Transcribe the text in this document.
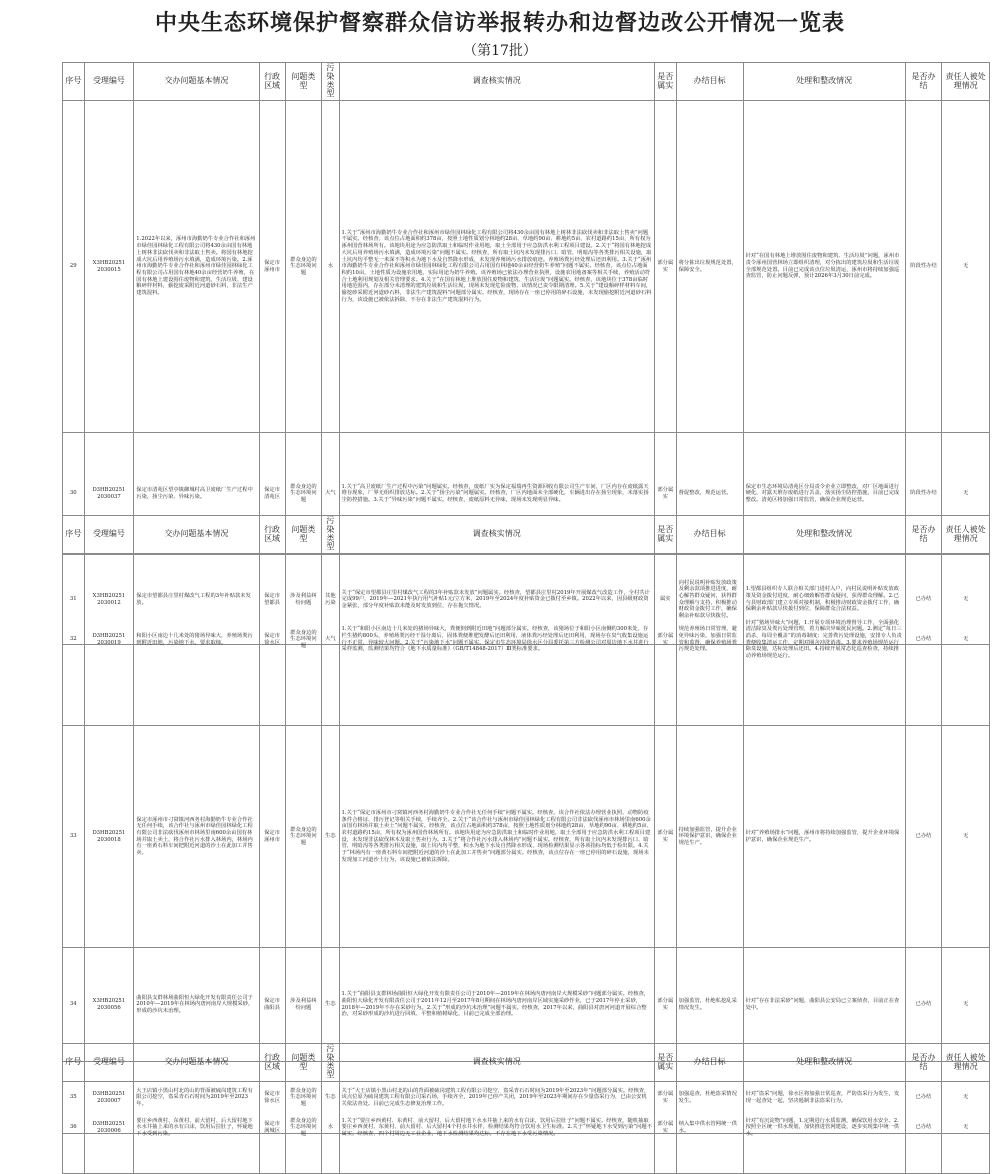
中央生态环境保护督察群众信访举报转办和边督边改公开情况一览表
（第17批）
序号	受理编号	交办问题基本情况	行政区域	问题类型	污染类型	调查核实情况	是否属实	办结目标	处理和整改情况	是否办结	责任人被处理情况
29	X3HB20251 2030015	1.2022年以来，涿州市海勤奶牛专业合作社和涿州市绿佳园林绿化工程有限公司将430余亩国有林地上树林非法砍伐卖和非法取土售卖。将国有林地挖成大坑后用养殖场污水填满，造成环境污染。2.涿州市海勤奶牛专业合作社和涿州市绿佳园林绿化工程有限公司占用国有林地40余亩经营奶牛养殖，在国有林地上建设围住废物和建筑，生活垃圾、建设粮碎样材料，偷挖废采附近河道砂石料，非法生产建筑混料。	保定市涿州市	群众身边的生态环境问题	水	1.关于“涿州市海勤奶牛专业合作社和涿州市绿佳园林绿化工程有限公司将430余亩国有林地上树林非法砍伐卖和非法取土售卖”问题不属实。经核查，该点位占地面积约378亩，按照土地性质划分林地约28亩、草地约90亩、耕地约5亩、农村道路约15亩，所有权为涿州国营林场所有。该地块用途为应急防洪取土和临时作业用地，取土全部用于应急防洪水利工程项目建设。2.关于“将国有林地挖成大坑后用养殖场污水填满，造成环境污染”问题不属实。经核查，所有取土坑内未发现排污口、暗管，明暗沟等各类排污相关设施，取土坑内均平整无一米深不等积水为地下水及自然降水形成，未发现养殖场污水排放痕迹。养殖场粪污经处理后还田利用。3.关于“涿州市海勤奶牛专业合作社和涿州市绿佳园林绿化工程有限公司占用国有林地40余亩经营奶牛养殖”问题不属实。经核查，该点位占地面积约10亩，土地性质为设施农用地，实际用途为奶牛养殖。该养殖场已依法办理营业执照，设施农用地备案等相关手续，养殖活动符合土地利用规划及相关管理要求。4.关于“在国有林地上堆放围住废物和建筑、生活垃圾”问题属实。经核查，该地块位于378亩临时用地范围内，存在部分未清理的建筑垃圾和生活垃圾，现场未发现危险废物，该情况已责令限期清理。5.关于“建设粮碎样材料车间，偷挖砂采附近河道砂石料，非法生产建筑混料”问题部分属实。经核查，现场存在一座已停用的碎石设施，未发现偷挖附近河道砂石料行为，该设施已被依法拆除，不存在非法生产建筑混料行为。	部分属实	将分拣出垃圾规范处置，保障安全。	针对“在国有林地上堆放围住废物和建筑、生活垃圾”问题，涿州市责令涿州国营林场立即组织清理，对分拣出的建筑垃圾和生活垃圾全部规范处置。目前已完成该点位垃圾清运，涿州市将持续加强巡查监管，防止问题反弹，预计2026年3月30日前完成。	阶段性办结	无
30	D3HB20251 2030037	保定市清苑区望亭镇御城村高卫废纸厂生产过程中污染，扬尘污染、异味污染。	保定市清苑区	群众身边的生态环境问题	大气	1.关于“高卫废纸厂生产过程中污染”问题属实。经核查，废纸厂实为保定福瑞再生资源回收有限公司生产车间，厂区内存在废纸露天堆存现象，厂界无组织排放达标。2.关于“扬尘污染”问题属实。经核查，厂区内地面未全部硬化，车辆进出存在扬尘现象，未落实扬尘防控措施。3.关于“异味污染”问题不属实。经核查，废纸原料无异味，现场未发现明显异味。	部分属实	督促整改，规范运营。	保定市生态环境局清苑区分局责令企业立即整改，对厂区地面进行硬化，对露天堆存废纸进行苫盖，落实扬尘防控措施，目前已完成整改。清苑区将加强日常监管，确保企业规范运营。	阶段性办结	无
31	X3HB20251 2030012	保定市望都县庄里村煤改气工程的3年补贴款未发放。	保定市望都县	涉及利益纠纷问题	其他污染	关于“保定市望都县庄里村煤改气工程的3年补贴款未发放”问题属实。经核查，望都县庄里村2019年开展煤改气改造工作，全村共计完成99户，2019年—2021年执行用气补贴1元/立方米，2019年至2024年度补贴资金已拨付至乡镇。2022年以来，因县级财政资金紧张，部分年度补贴款未能及时发放到位，存在拖欠情况。	属实	向村民说明补贴发放政策及剩余款项推进进度，耐心解答群众疑问，获得群众理解与支持，积极推动财政资金拨付工作，确保剩余补贴款尽快拨付。	1.望都县组织专人联合相关部门进村入户，向村民说明补贴发放政策及资金拨付进度，耐心细致解答群众疑问，获得群众理解。2.已与县财政部门建立专项对接机制，积极推动财政资金拨付工作，确保剩余补贴款尽快拨付到位，保障群众合法权益。	已办结	无
序号	受理编号	交办问题基本情况	行政区域	问题类型	污染类型	调查核实情况	是否属实	办结目标	处理和整改情况	是否办结	责任人被处理情况
32	D3HB20251 2030019	和阳小区南边十几米处的猪场异味大，养殖场粪污到附近田地，污染地下水，要求取缔。	保定市徐水区	群众身边的生态环境问题	大气	1.关于“和阳小区南边十几米处的猪场异味大，粪便倒到附近田地”问题部分属实。经核查，该猪场位于和阳小区南侧约300米处，存栏生猪约800头，养殖场粪污经干湿分离后，固体粪便堆肥发酵后还田利用，液体粪污经处理后还田利用，现场存在臭气收集设施运行不正常，异味较大问题。2.关于“污染地下水”问题不属实。保定市生态环境局徐水区分局委托第三方检测公司对周边地下水井进行采样监测，监测结果均符合《地下水质量标准》（GB/T14848-2017）Ⅲ类标准要求。	部分属实	规范养殖场日常管理，避免异味污染，加强日常监管和监督，确保养殖场粪污规范处理。	针对“猪场异味大”问题，1.开展专项环境治理督导工作，全面强化清洁除臭及粪污处理管理，着力解决异味扰民问题。2.测定“每日三消杀，每周全覆盖”的消毒制度；完善粪污处理设施，安排专人负责粪便收集清运工作，定期对圈舍冲洗消毒。3.要求养殖场规范运行除臭设施，达标处理后还田。4.持续开展常态化巡查检查，持续推动养殖场规范运行。	已办结	无
33	D3HB20251 2030018	保定市涿州市刁窝镇河西务村海勤奶牛专业合作社无任何手续，该合作社与涿州市绿佳园林绿化工程有限公司非法砍伐涿州市林场里南600余亩国有林场并取土卖土，将合作社污水排入林场内，林场内有一座黄石料车间把附近河道的沙土在此加工并售卖。	保定市涿州市	群众身边的生态环境问题	生态	1.关于“保定市涿州市刁窝镇河西务村海勤奶牛专业合作社无任何手续”问题不属实。经核查，该合作社依法办理营业执照、动物防疫条件合格证、排污登记等相关手续，手续齐全。2.关于“该合作社与涿州市绿佳园林绿化工程有限公司非法砍伐涿州市林场里南600余亩国有林场并取土卖土”问题不属实。经核查，该点位占地面积约378亩，按照土地性质划分林地约28亩、草地约90亩、耕地约5亩、农村道路约15亩，所有权为涿州国营林场所有。该地块用途为应急防洪取土和临时作业用地，取土全部用于应急防洪水利工程项目建设，未发现非法砍伐林木及取土售卖行为。3.关于“将合作社污水排入林场内”问题不属实。经核查，所有取土坑内未发现排污口、暗管，明暗沟等各类排污相关设施，取土坑内均平整，积水为地下水及自然降水形成，现场检测结果显示各项指标均低于检出限。4.关于“林场内有一座黄石料车间把附近河道的沙土在此加工并售卖”问题部分属实。经核查，该点位存在一座已停用的碎石设施，现场未发现加工河道沙土行为，该设施已被依法拆除。	部分属实	持续加强监管，提升企业环境保护意识，确保企业规范生产。	针对“养殖场排水”问题，涿州市将持续加强监管，提升企业环境保护意识，确保企业规范生产。	已办结	无
34	X3HB20251 2030056	曲阳县支群林场曲阳恒大绿化开发有限责任公司于2010年—2019年在林场内唐河南岸大规模采砂，形成的沙坑未治理。	保定市曲阳县	涉及利益纠纷问题	生态	1.关于“曲阳县支群林场曲阳恒大绿化开发有限责任公司于2010年—2019年在林场内唐河南岸大规模采砂”问题部分属实。经核查，曲阳恒大绿化开发有限责任公司于2011年12月至2017年8月期间在林场内唐河南岸区域实施采砂作业，已于2017年停止采砂，2018年—2019年不存在采砂行为。2.关于“形成的沙坑未治理”问题不属实。经核查，2017年以来，曲阳县对唐河河道开展综合整治，对采砂形成的沙坑进行回填、平整和植树绿化，目前已完成全部治理。	部分属实	加强监管，杜绝私挖乱采情况发生。	针对“存在非法采砂”问题，曲阳县公安局已立案侦查，目前正在查处中。	已办结	无
35	D3HB20251 2030007	大王店镇小黑山村北的山的背面被硫岗建筑工程有限公司挖空，盗采青石石时间为2019年至2023年。	保定市徐水区	群众身边的生态环境问题	生态	关于“大王店镇小黑山村北的山的背面被硫岗建筑工程有限公司挖空，盗采青石石时间为2019年至2023年”问题部分属实。经核查，该点位原为硫岗建筑工程有限公司采石场，手续齐全，2019年已停产关闭，2019年至2023年期间存在少量盗采行为，已由公安机关依法查处。目前已完成生态修复治理工作。	部分属实	加强巡查，杜绝盗采情况发生。	针对“盗采”问题，徐水区将加强日常巡查，严防盗采行为发生，发现一起查处一起，坚决遏制非法盗采行为。	已办结	无
序号	受理编号	交办问题基本情况	行政区域	问题类型	污染类型	调查核实情况	是否属实	办结目标	处理和整改情况	是否办结	责任人被处理情况
36	D3HB20251 2030006	要庄乡西黄村、东黄村、前大留村、后大留村地下水水井抽上来的水有白沫，饮用后拉肚子，怀疑地下水受到污染。	保定市满城区	群众身边的生态环境问题	水	1.关于“要庄乡西黄村、东黄村、前大留村、后大留村地下水水井抽上来的水有白沫，饮用后拉肚子”问题不属实。经核查，随机抽取要庄乡西黄村、东黄村、前大留村、后大留村4个村水井水样，检测结果均符合饮用水卫生标准。2.关于“怀疑地下水受到污染”问题不属实。经核查，四个村周边无工业企业，地下水检测结果均达标，不存在地下水受污染情况。	部分属实	纳入集中供水管网统一供水。	针对“有沉淀物”问题，1.定期进行水质监测，确保饮用水安全。2.按照全区统一供水规划，加快推进管网建设，逐步实现集中统一供水。	已办结	无
